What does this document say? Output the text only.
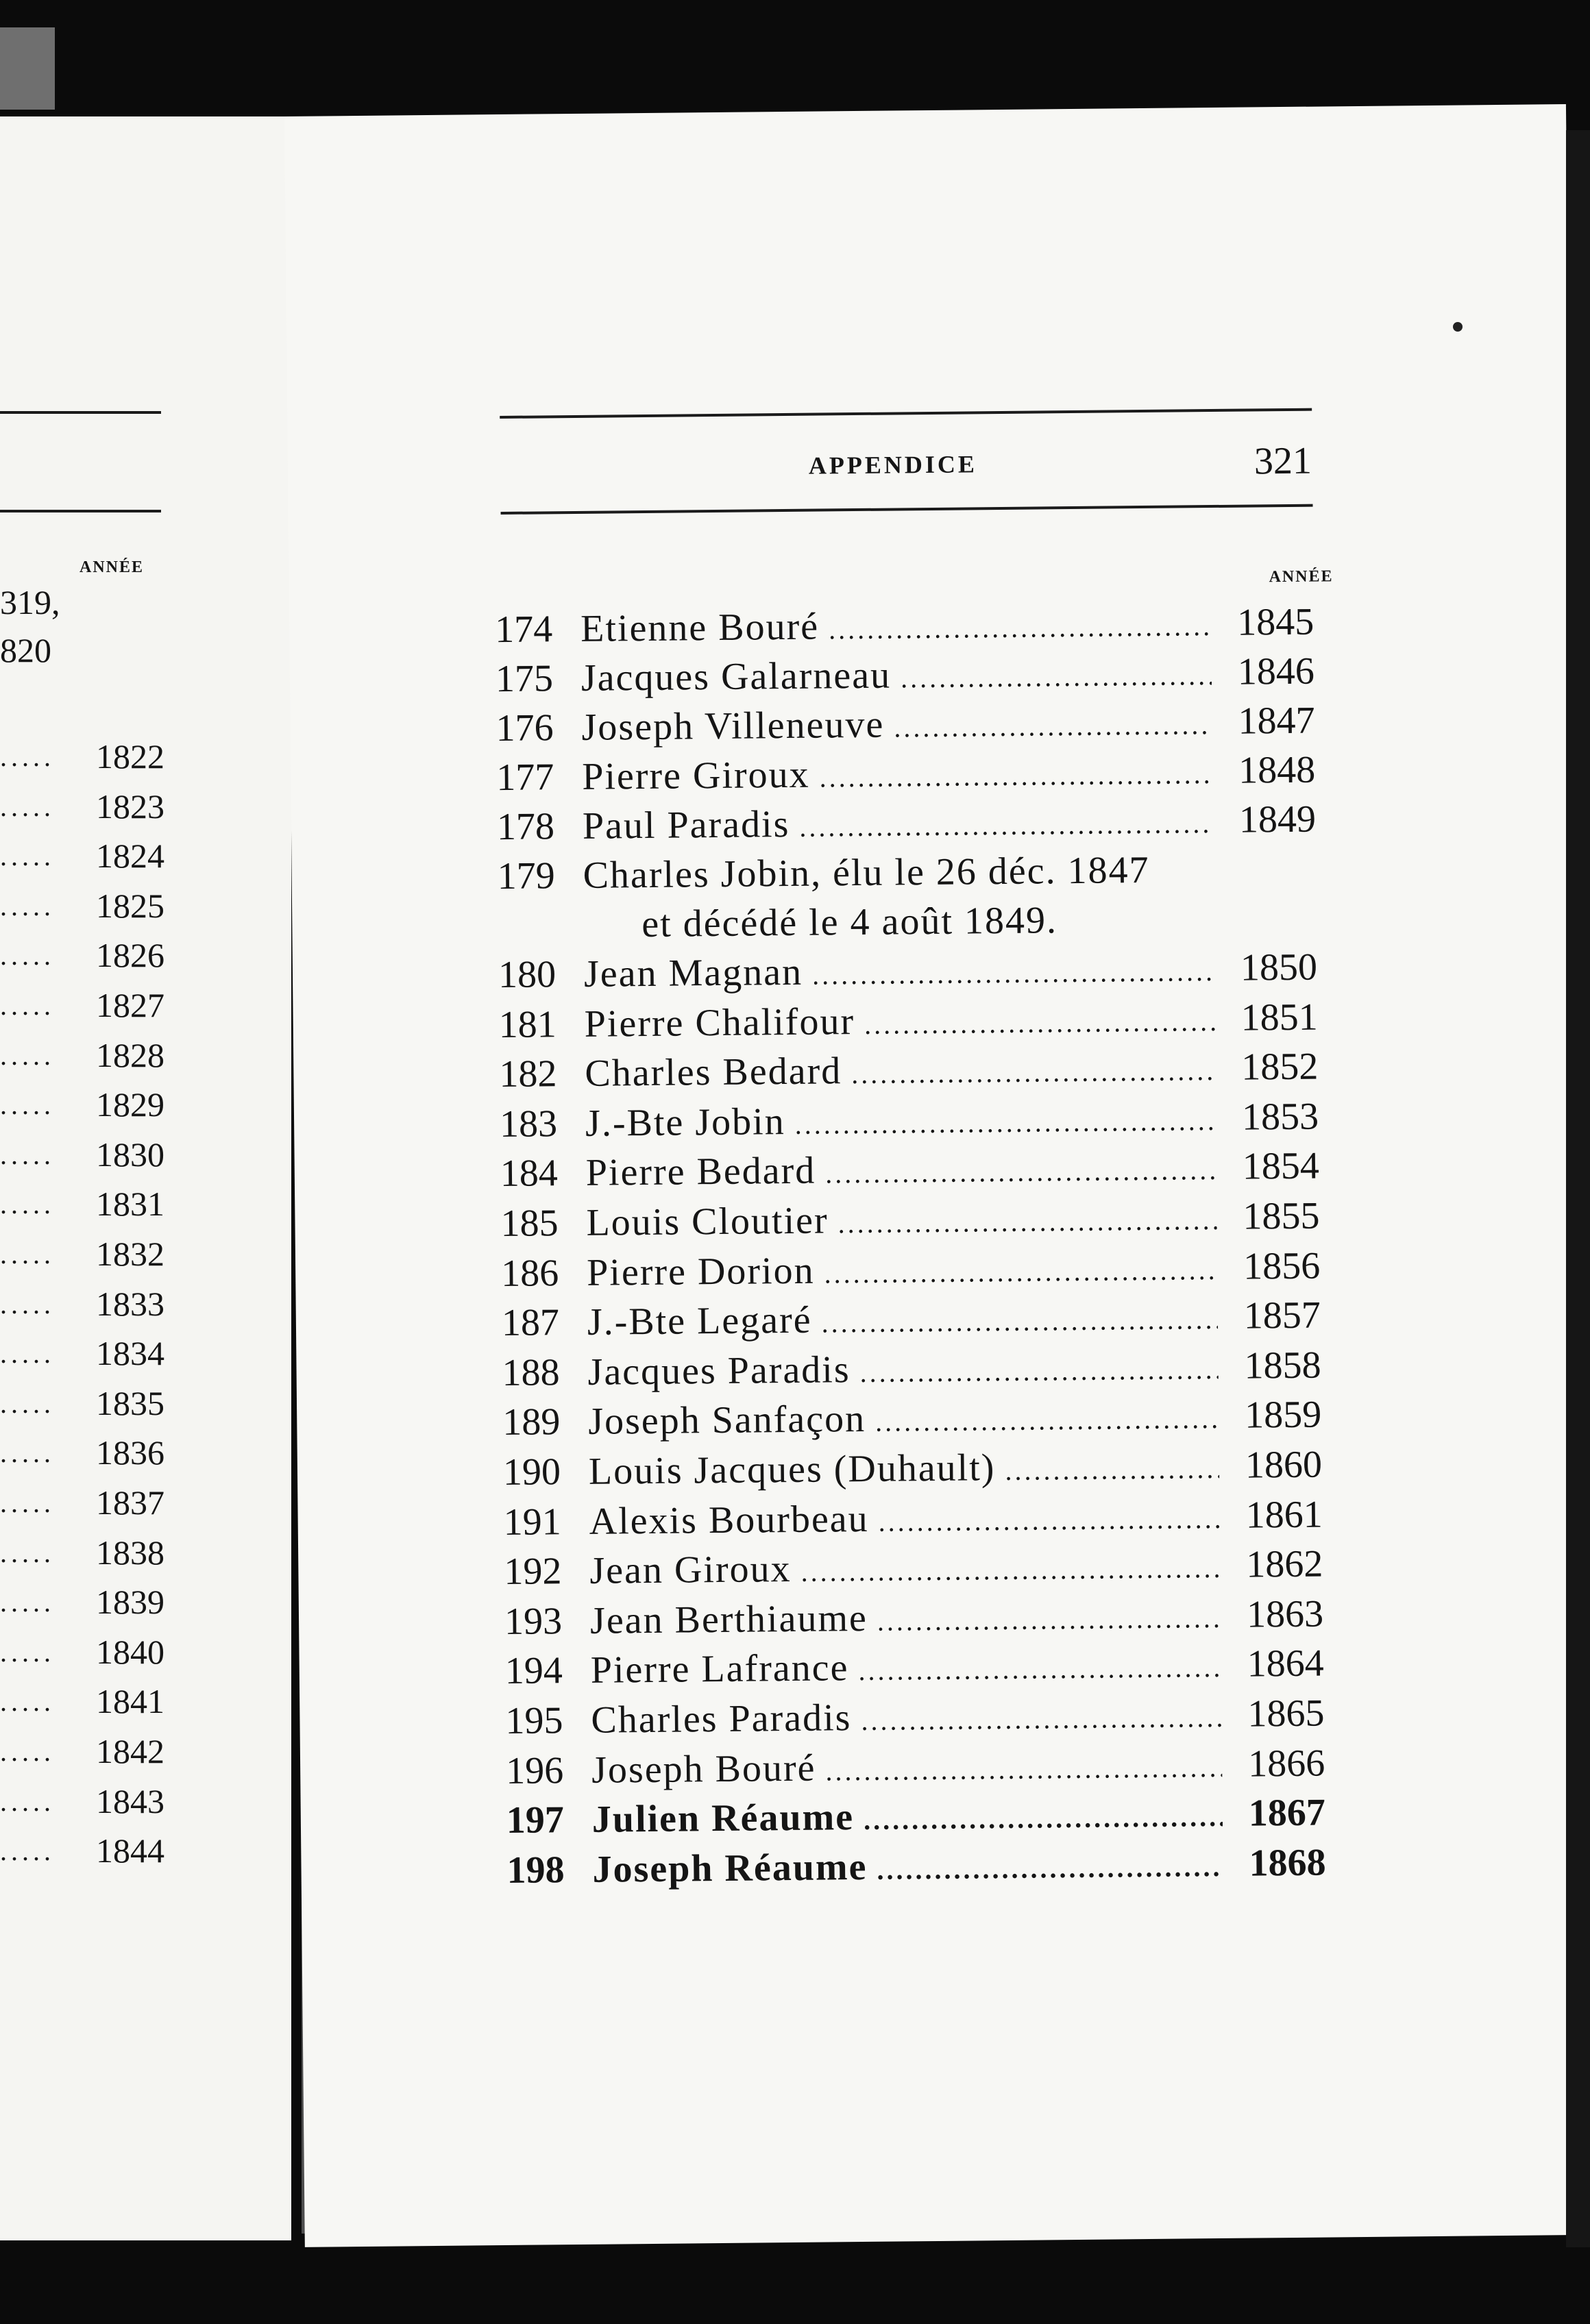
ANNÉE
319,
820
..... 1822
..... 1823
..... 1824
..... 1825
..... 1826
..... 1827
..... 1828
..... 1829
..... 1830
..... 1831
..... 1832
..... 1833
..... 1834
..... 1835
..... 1836
..... 1837
..... 1838
..... 1839
..... 1840
..... 1841
..... 1842
..... 1843
..... 1844
APPENDICE	321
ANNÉE
174 Etienne Bouré .....	1845
175 Jacques Galarneau .....	1846
176 Joseph Villeneuve .....	1847
177 Pierre Giroux .....	1848
178 Paul Paradis .....	1849
179 Charles Jobin, élu le 26 déc. 1847
et décédé le 4 août 1849.
180 Jean Magnan .....	1850
181 Pierre Chalifour .....	1851
182 Charles Bedard .....	1852
183 J.-Bte Jobin .....	1853
184 Pierre Bedard .....	1854
185 Louis Cloutier .....	1855
186 Pierre Dorion .....	1856
187 J.-Bte Legaré .....	1857
188 Jacques Paradis .....	1858
189 Joseph Sanfaçon .....	1859
190 Louis Jacques (Duhault) .....	1860
191 Alexis Bourbeau .....	1861
192 Jean Giroux .....	1862
193 Jean Berthiaume .....	1863
194 Pierre Lafrance .....	1864
195 Charles Paradis .....	1865
196 Joseph Bouré .....	1866
197 Julien Réaume .....	1867
198 Joseph Réaume .....	1868
